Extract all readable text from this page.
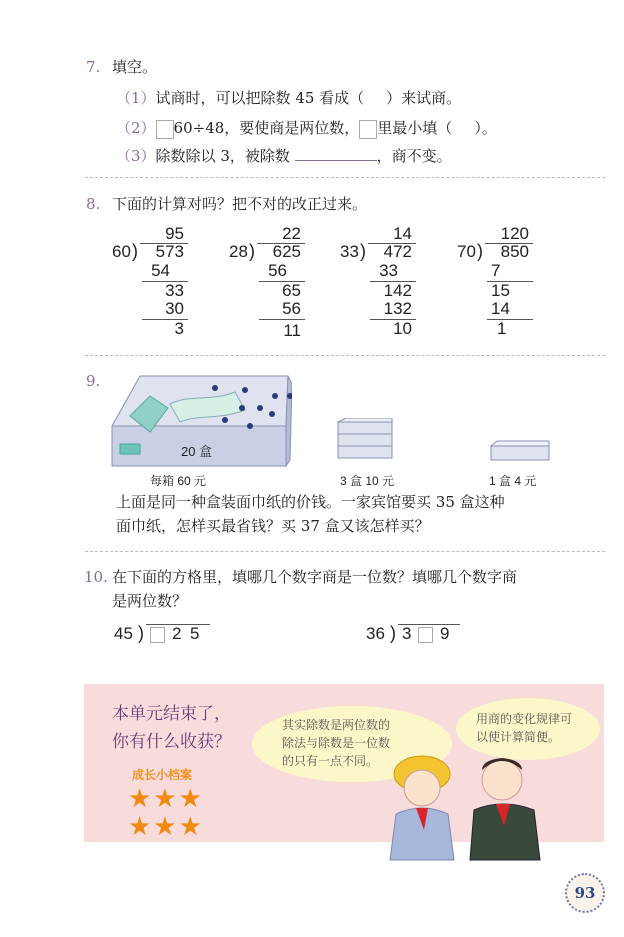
7. 填空。
（1）试商时，可以把除数 45 看成（ ）来试商。
（2） 60÷48，要使商是两位数， 里最小填（ ）。
（3）除数除以 3，被除数	，商不变。
8. 下面的计算对吗？把不对的改正过来。
95
60 ) 573
54
33
30
3
22
28 ) 625
56
65
56
11
14
33 ) 472
33
142
132
10
120
70 ) 850
7
15
14
1
9.
20 盒
每箱 60 元	3 盒 10 元	1 盒 4 元
上面是同一种盒装面巾纸的价钱。一家宾馆要买 35 盒这种
面巾纸，怎样买最省钱？买 37 盒又该怎样买？
10. 在下面的方格里，填哪几个数字商是一位数？填哪几个数字商
是两位数？
45 ) 2 5	36 ) 3 9
本单元结束了，
你有什么收获？
成长小档案
★★★
★★★
其实除数是两位数的
除法与除数是一位数
的只有一点不同。
用商的变化规律可
以使计算简便。
93
